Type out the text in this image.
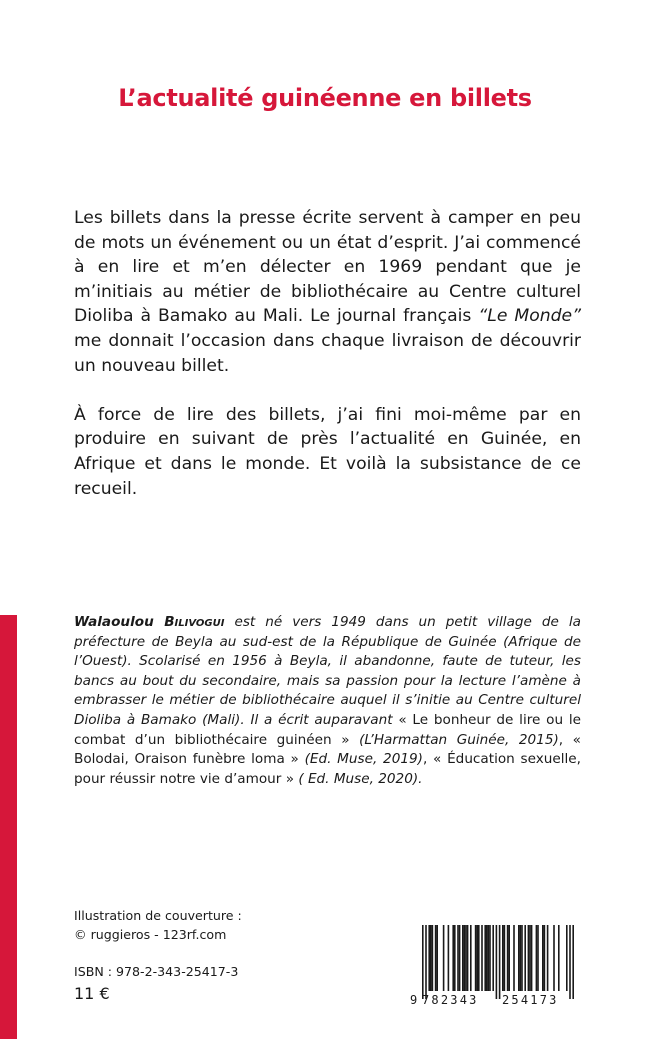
L’actualité guinéenne en billets

Les billets dans la presse écrite servent à camper en peu de mots un événement ou un état d’esprit. J’ai commencé à en lire et m’en délecter en 1969 pendant que je m’initiais au métier de bibliothécaire au Centre culturel Dioliba à Bamako au Mali. Le journal français “Le Monde” me donnait l’occasion dans chaque livraison de découvrir un nouveau billet.

À force de lire des billets, j’ai fini moi-même par en produire en suivant de près l’actualité en Guinée, en Afrique et dans le monde. Et voilà la subsistance de ce recueil.

Walaoulou Bilivogui est né vers 1949 dans un petit village de la préfecture de Beyla au sud-est de la République de Guinée (Afrique de l’Ouest). Scolarisé en 1956 à Beyla, il abandonne, faute de tuteur, les bancs au bout du secondaire, mais sa passion pour la lecture l’amène à embrasser le métier de bibliothécaire auquel il s’initie au Centre culturel Dioliba à Bamako (Mali). Il a écrit auparavant « Le bonheur de lire ou le combat d’un bibliothécaire guinéen » (L’Harmattan Guinée, 2015), « Bolodai, Oraison funèbre loma » (Ed. Muse, 2019), « Éducation sexuelle, pour réussir notre vie d’amour » ( Ed. Muse, 2020).
Illustration de couverture :
© ruggieros - 123rf.com
ISBN : 978-2-343-25417-3
11 €	9 782343 254173
